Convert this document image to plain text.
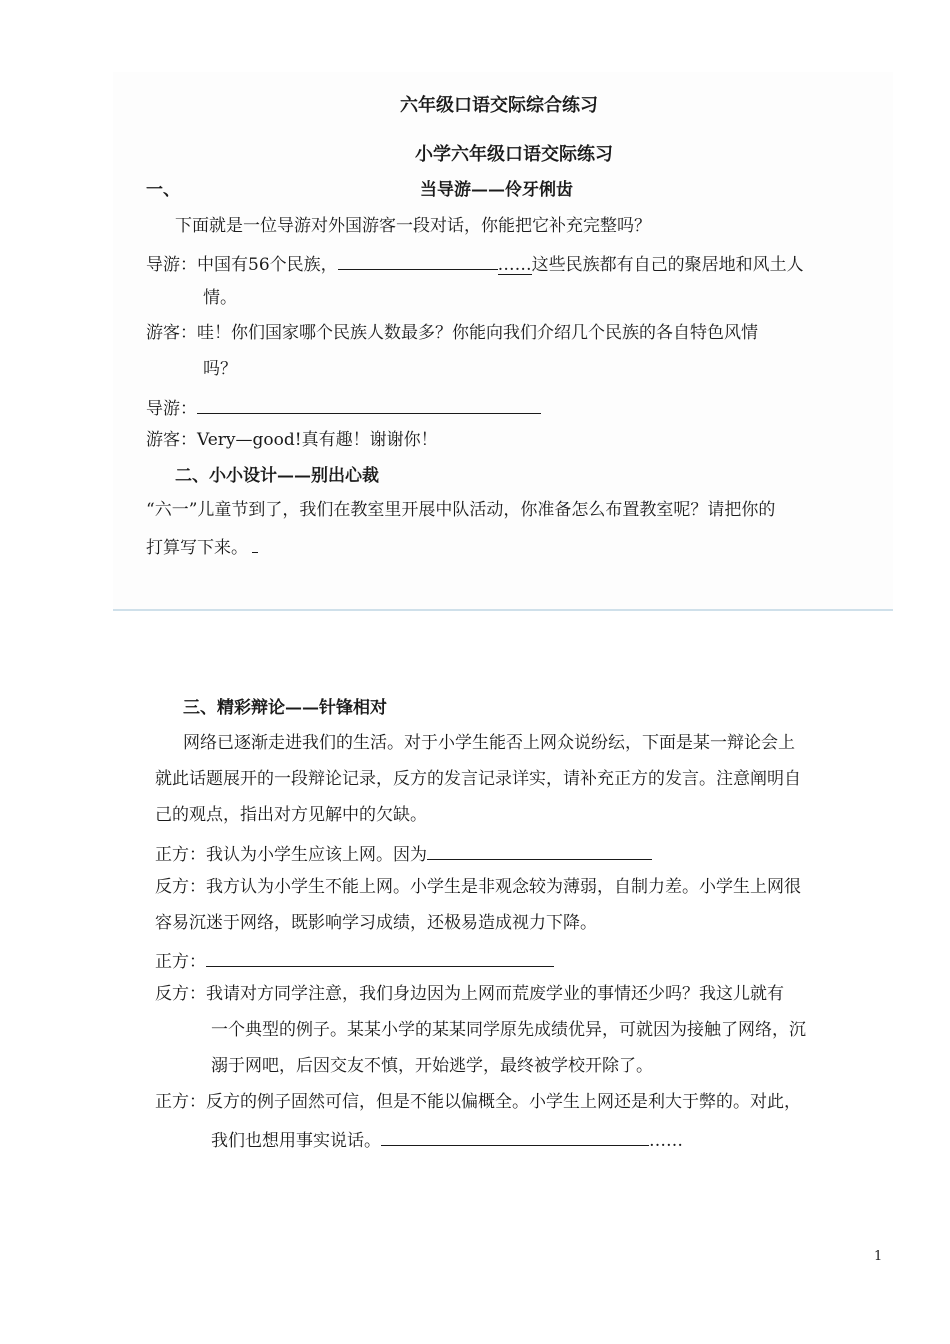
六年级口语交际综合练习
小学六年级口语交际练习
一、	当导游——伶牙俐齿
下面就是一位导游对外国游客一段对话，你能把它补充完整吗？
导游：中国有56个民族，	……这些民族都有自己的聚居地和风土人
情。
游客：哇！你们国家哪个民族人数最多？你能向我们介绍几个民族的各自特色风情
吗？
导游：
游客：Very—good!真有趣！谢谢你！
二、小小设计——别出心裁
“六一”儿童节到了，我们在教室里开展中队活动，你准备怎么布置教室呢？请把你的
打算写下来。
三、精彩辩论——针锋相对
网络已逐渐走进我们的生活。对于小学生能否上网众说纷纭，下面是某一辩论会上
就此话题展开的一段辩论记录，反方的发言记录详实，请补充正方的发言。注意阐明自
己的观点，指出对方见解中的欠缺。
正方：我认为小学生应该上网。因为
反方：我方认为小学生不能上网。小学生是非观念较为薄弱，自制力差。小学生上网很
容易沉迷于网络，既影响学习成绩，还极易造成视力下降。
正方：
反方：我请对方同学注意，我们身边因为上网而荒废学业的事情还少吗？我这儿就有
一个典型的例子。某某小学的某某同学原先成绩优异，可就因为接触了网络，沉
溺于网吧，后因交友不慎，开始逃学，最终被学校开除了。
正方：反方的例子固然可信，但是不能以偏概全。小学生上网还是利大于弊的。对此，
我们也想用事实说话。	……
1
